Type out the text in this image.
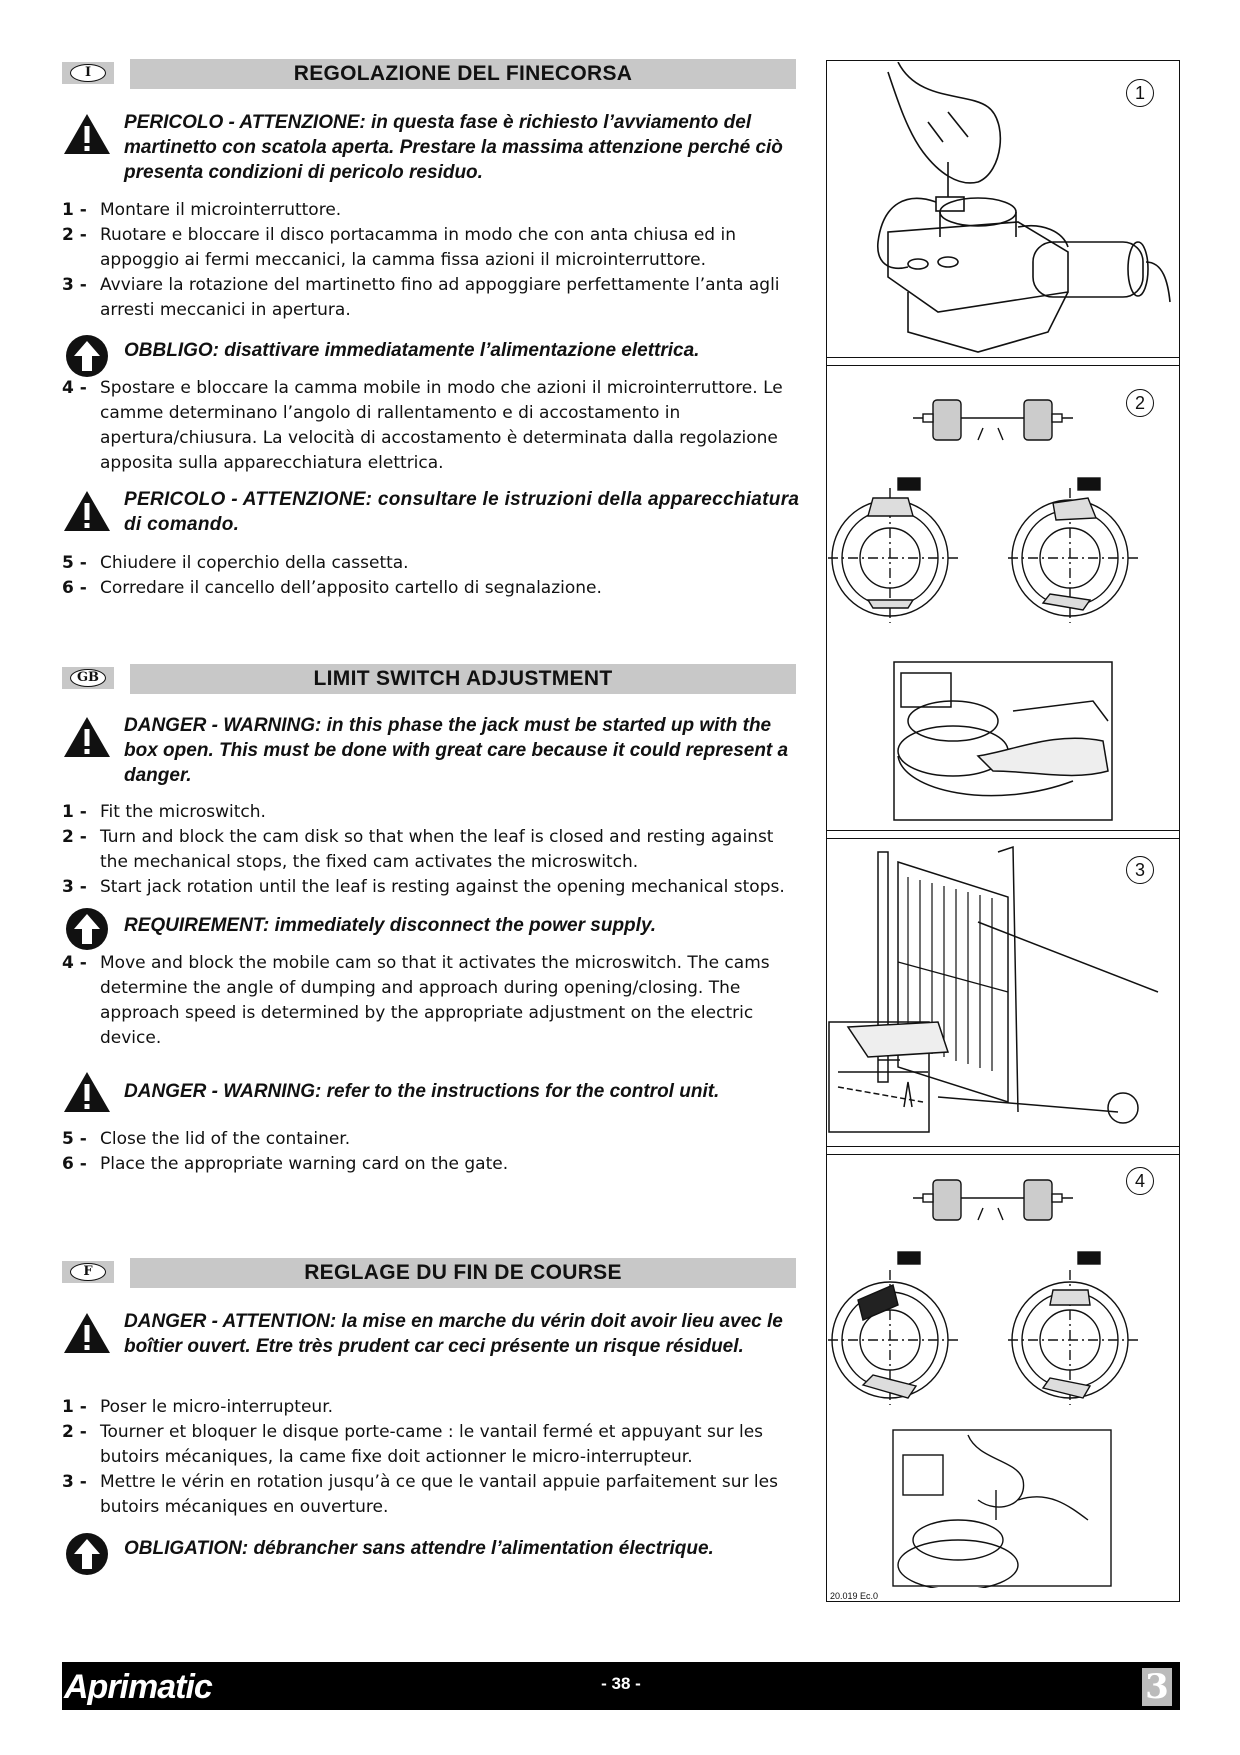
I	REGOLAZIONE DEL FINECORSA
PERICOLO - ATTENZIONE: in questa fase è richiesto l’avviamento del martinetto con scatola aperta. Prestare la massima attenzione perché ciò presenta condizioni di pericolo residuo.
1 - Montare il microinterruttore.
2 - Ruotare e bloccare il disco portacamma in modo che con anta chiusa ed in appoggio ai fermi meccanici, la camma fissa azioni il microinterruttore.
3 - Avviare la rotazione del martinetto fino ad appoggiare perfettamente l’anta agli arresti meccanici in apertura.
OBBLIGO: disattivare immediatamente l’alimentazione elettrica.
4 - Spostare e bloccare la camma mobile in modo che azioni il microinterruttore. Le camme determinano l’angolo di rallentamento e di accostamento in apertura/chiusura. La velocità di accostamento è determinata dalla regolazione apposita sulla apparecchiatura elettrica.
PERICOLO - ATTENZIONE: consultare le istruzioni della apparecchiatura di comando.
5 - Chiudere il coperchio della cassetta.
6 - Corredare il cancello dell’apposito cartello di segnalazione.
GB	LIMIT SWITCH ADJUSTMENT
DANGER - WARNING: in this phase the jack must be started up with the box open. This must be done with great care because it could represent a danger.
1 - Fit the microswitch.
2 - Turn and block the cam disk so that when the leaf is closed and resting against the mechanical stops, the fixed cam activates the microswitch.
3 - Start jack rotation until the leaf is resting against the opening mechanical stops.
REQUIREMENT: immediately disconnect the power supply.
4 - Move and block the mobile cam so that it activates the microswitch. The cams determine the angle of dumping and approach during opening/closing. The approach speed is determined by the appropriate adjustment on the electric device.
DANGER - WARNING: refer to the instructions for the control unit.
5 - Close the lid of the container.
6 - Place the appropriate warning card on the gate.
F	REGLAGE DU FIN DE COURSE
DANGER - ATTENTION: la mise en marche du vérin doit avoir lieu avec le boîtier ouvert. Etre très prudent car ceci présente un risque résiduel.
1 - Poser le micro-interrupteur.
2 - Tourner et bloquer le disque porte-came : le vantail fermé et appuyant sur les butoirs mécaniques, la came fixe doit actionner le micro-interrupteur.
3 - Mettre le vérin en rotation jusqu’à ce que le vantail appuie parfaitement sur les butoirs mécaniques en ouverture.
OBLIGATION: débrancher sans attendre l’alimentation électrique.
1
2
3
4
20.019 Ec.0
Aprimatic	- 38 -	3
